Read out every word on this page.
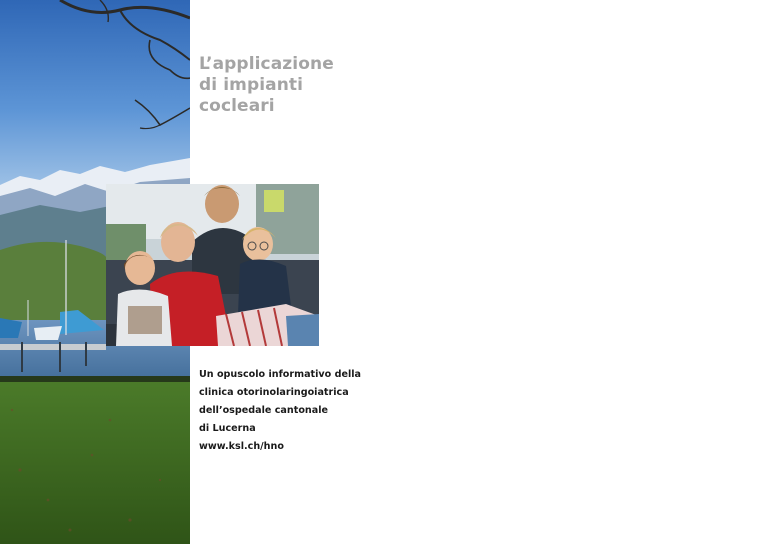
L’applicazione
di impianti
cocleari
Un opuscolo informativo della
clinica otorinolaringoiatrica
dell’ospedale cantonale
di Lucerna
www.ksl.ch/hno
